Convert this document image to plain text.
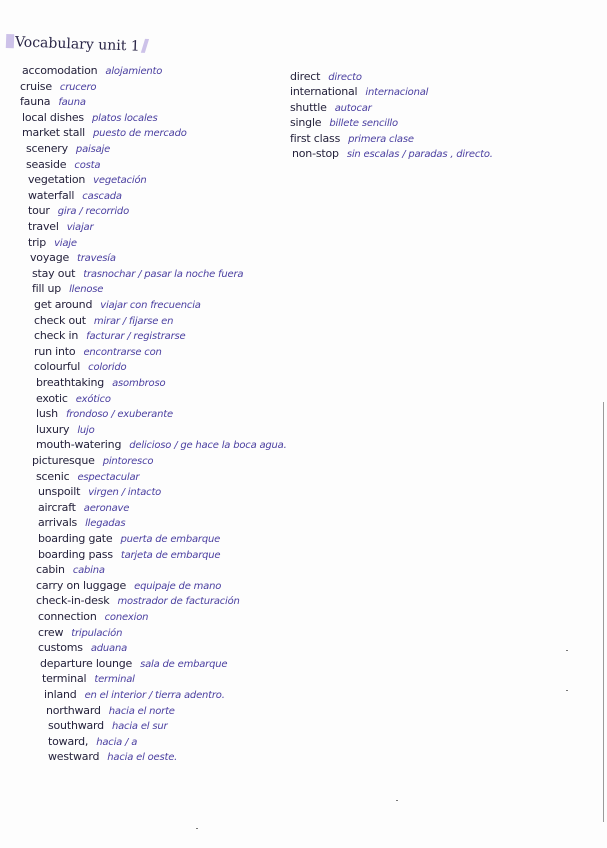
Vocabulary unit 1
accomodation alojamiento
cruise crucero
fauna fauna
local dishes platos locales
market stall puesto de mercado
scenery paisaje
seaside costa
vegetation vegetación
waterfall cascada
tour gira / recorrido
travel viajar
trip viaje
voyage travesía
stay out trasnochar / pasar la noche fuera
fill up llenose
get around viajar con frecuencia
check out mirar / fijarse en
check in facturar / registrarse
run into encontrarse con
colourful colorido
breathtaking asombroso
exotic exótico
lush frondoso / exuberante
luxury lujo
mouth-watering delicioso / ge hace la boca agua.
picturesque pintoresco
scenic espectacular
unspoilt virgen / intacto
aircraft aeronave
arrivals llegadas
boarding gate puerta de embarque
boarding pass tarjeta de embarque
cabin cabina
carry on luggage equipaje de mano
check-in-desk mostrador de facturación
connection conexion
crew tripulación
customs aduana
departure lounge sala de embarque
terminal terminal
inland en el interior / tierra adentro.
northward hacia el norte
southward hacia el sur
toward, hacia / a
westward hacia el oeste.
direct directo
international internacional
shuttle autocar
single billete sencillo
first class primera clase
non-stop sin escalas / paradas , directo.
